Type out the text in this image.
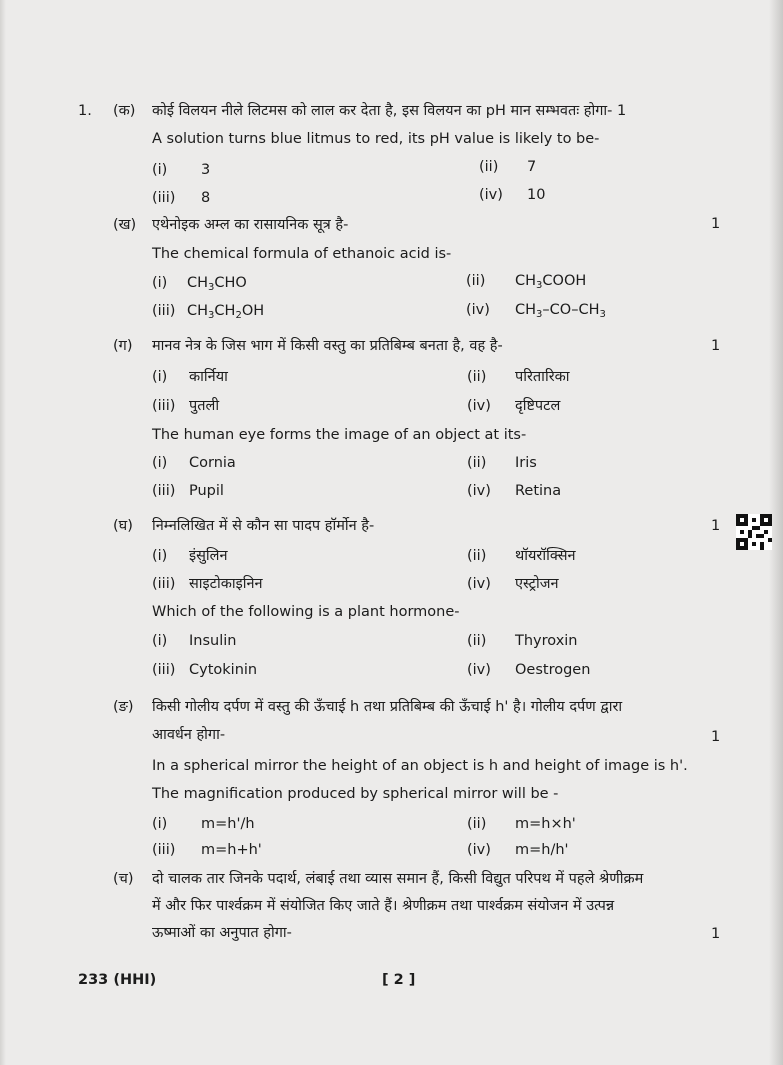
1. (क) कोई विलयन नीले लिटमस को लाल कर देता है, इस विलयन का pH मान सम्भवतः होगा- 1
A solution turns blue litmus to red, its pH value is likely to be-
(i) 3	(ii) 7
(iii) 8	(iv) 10
(ख) एथेनोइक अम्ल का रासायनिक सूत्र है-	1
The chemical formula of ethanoic acid is-
(i) $CH_3CHO$	(ii) $CH_3COOH$
(iii) $CH_3CH_2OH$	(iv) $CH_3-CO-CH_3$
(ग) मानव नेत्र के जिस भाग में किसी वस्तु का प्रतिबिम्ब बनता है, वह है-	1
(i) कार्निया	(ii) परितारिका
(iii) पुतली	(iv) दृष्टिपटल
The human eye forms the image of an object at its-
(i) Cornia	(ii) Iris
(iii) Pupil	(iv) Retina
(घ) निम्नलिखित में से कौन सा पादप हॉर्मोन है-	1
(i) इंसुलिन	(ii) थॉयरॉक्सिन
(iii) साइटोकाइनिन	(iv) एस्ट्रोजन
Which of the following is a plant hormone-
(i) Insulin	(ii) Thyroxin
(iii) Cytokinin	(iv) Oestrogen
(ङ) किसी गोलीय दर्पण में वस्तु की ऊँचाई h तथा प्रतिबिम्ब की ऊँचाई h' है। गोलीय दर्पण द्वारा
आवर्धन होगा-	1
In a spherical mirror the height of an object is h and height of image is h'.
The magnification produced by spherical mirror will be -
(i) m=h'/h	(ii) m=h×h'
(iii) m=h+h'	(iv) m=h/h'
(च) दो चालक तार जिनके पदार्थ, लंबाई तथा व्यास समान हैं, किसी विद्युत परिपथ में पहले श्रेणीक्रम
में और फिर पार्श्वक्रम में संयोजित किए जाते हैं। श्रेणीक्रम तथा पार्श्वक्रम संयोजन में उत्पन्न
ऊष्माओं का अनुपात होगा-	1
233 (HHI)	[ 2 ]
